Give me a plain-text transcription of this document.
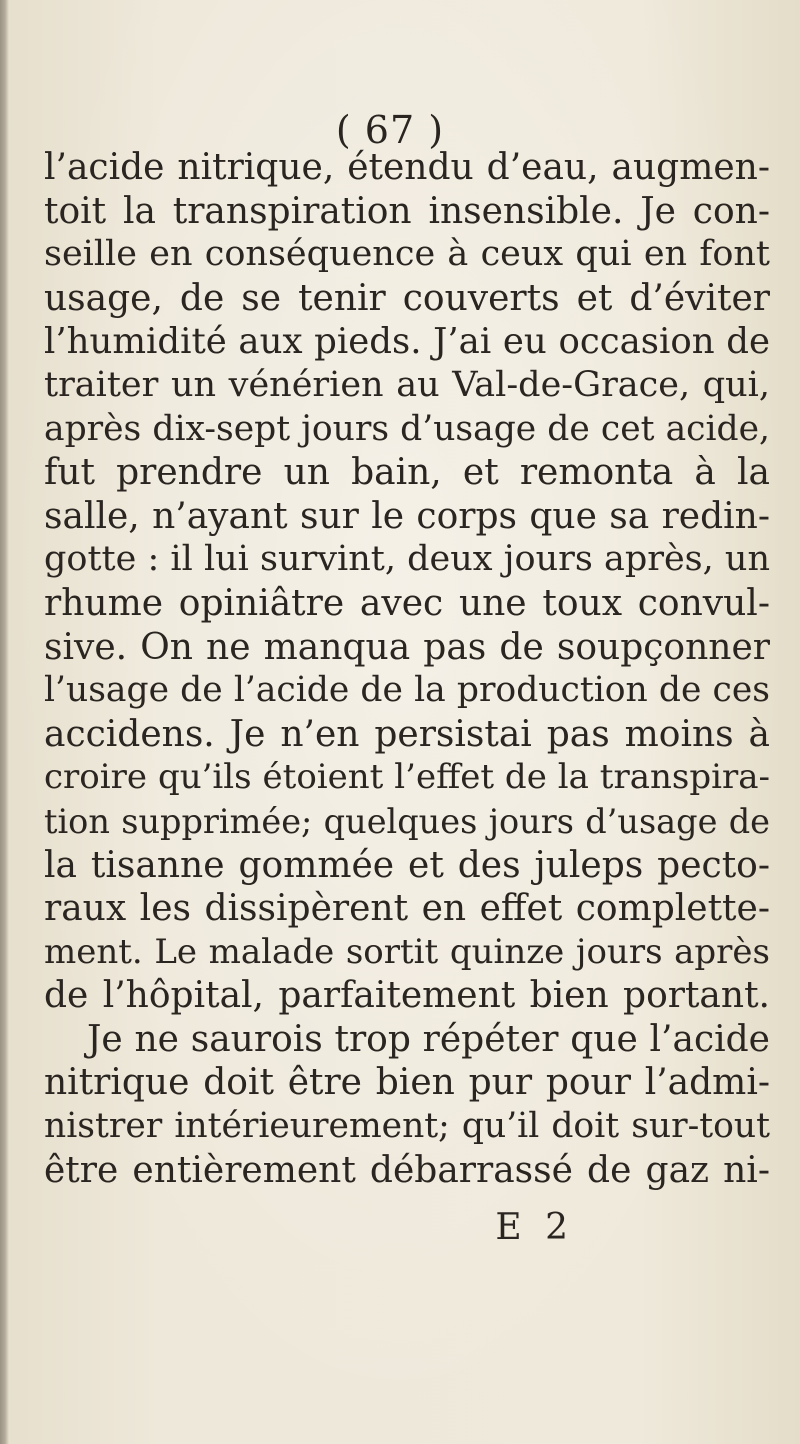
( 67 )
l’acide nitrique, étendu d’eau, augmen-
toit la transpiration insensible. Je con-
seille en conséquence à ceux qui en font
usage, de se tenir couverts et d’éviter
l’humidité aux pieds. J’ai eu occasion de
traiter un vénérien au Val-de-Grace, qui,
après dix-sept jours d’usage de cet acide,
fut prendre un bain, et remonta à la
salle, n’ayant sur le corps que sa redin-
gotte : il lui survint, deux jours après, un
rhume opiniâtre avec une toux convul-
sive. On ne manqua pas de soupçonner
l’usage de l’acide de la production de ces
accidens. Je n’en persistai pas moins à
croire qu’ils étoient l’effet de la transpira-
tion supprimée; quelques jours d’usage de
la tisanne gommée et des juleps pecto-
raux les dissipèrent en effet complette-
ment. Le malade sortit quinze jours après
de l’hôpital, parfaitement bien portant.
Je ne saurois trop répéter que l’acide
nitrique doit être bien pur pour l’admi-
nistrer intérieurement; qu’il doit sur-tout
être entièrement débarrassé de gaz ni-
E 2
